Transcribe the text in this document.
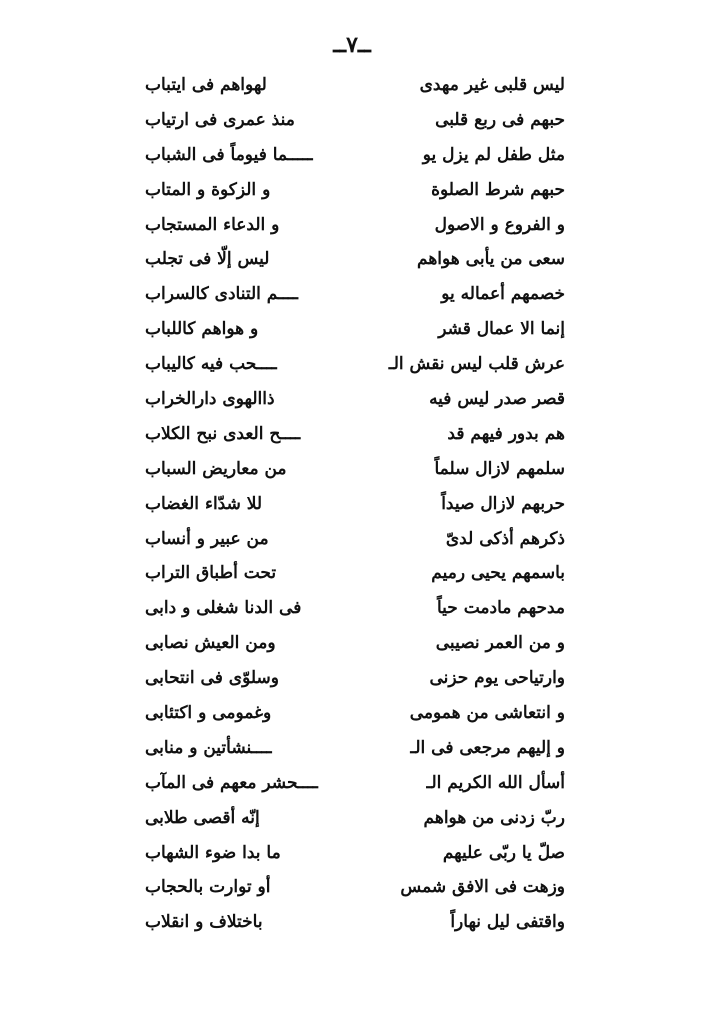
ــ۷ــ
لیس قلبی غیر مهدی
لهواهم فی ایتباب
حبهم فی ربع قلبی
منذ عمری فی ارتیاب
مثل طفل لم یزل یو
ـــــما فیوماً فی الشباب
حبهم شرط الصلوة
و الزکوة و المتاب
و الفروع و الاصول
و الدعاء المستجاب
سعی من یأبی هواهم
لیس إلّا فی تجلب
خصمهم أعماله یو
ــــم التنادی کالسراب
إنما الا عمال قشر
و هواهم کاللباب
عرش قلب لیس نقش الـ
ــــحب فیه کالیباب
قصر صدر لیس فیه
ذاالهوی دارالخراب
هم بدور فیهم قد
ــــح العدی نبح الکلاب
سلمهم لازال سلماً
من معاریض السباب
حربهم لازال صیداً
للا شدّاء الغضاب
ذکرهم أذکی لدیّ
من عبیر و أنساب
باسمهم یحیی رمیم
تحت أطباق التراب
مدحهم مادمت حیاً
فی الدنا شغلی و دابی
و من العمر نصیبی
ومن العیش نصابی
وارتیاحی یوم حزنی
وسلوّی فی انتحابی
و انتعاشی من همومی
وغمومی و اکتئابی
و إلیهم مرجعی فی الـ
ــــنشأتین و منابی
أسأل الله الکریم الـ
ــــحشر معهم فی المآب
ربّ زدنی من هواهم
إنّه أقصی طلابی
صلّ یا ربّی علیهم
ما بدا ضوء الشهاب
وزهت فی الافق شمس
أو توارت بالحجاب
واقتفی لیل نهاراً
باختلاف و انقلاب
